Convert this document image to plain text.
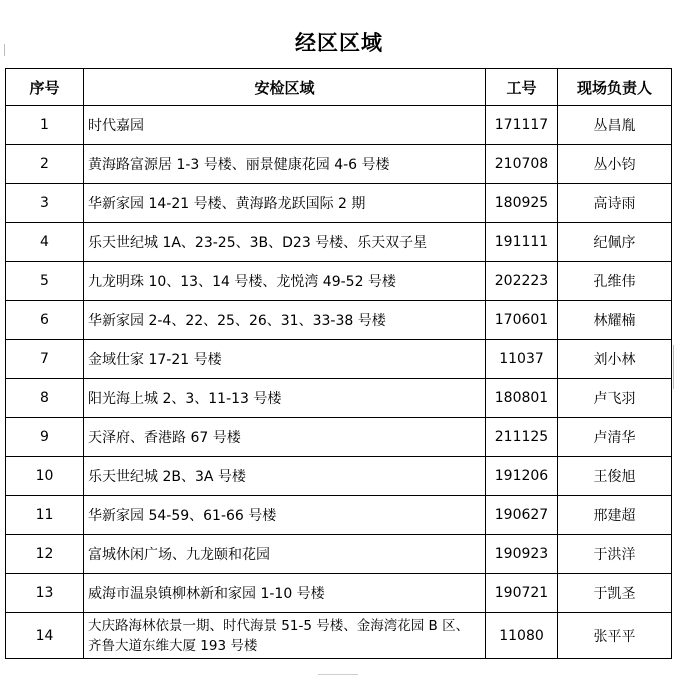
经区区域
序号	安检区域	工号	现场负责人
1	时代嘉园	171117	丛昌胤
2	黄海路富源居 1-3 号楼、丽景健康花园 4-6 号楼	210708	丛小钧
3	华新家园 14-21 号楼、黄海路龙跃国际 2 期	180925	高诗雨
4	乐天世纪城 1A、23-25、3B、D23 号楼、乐天双子星	191111	纪佩序
5	九龙明珠 10、13、14 号楼、龙悦湾 49-52 号楼	202223	孔维伟
6	华新家园 2-4、22、25、26、31、33-38 号楼	170601	林耀楠
7	金域仕家 17-21 号楼	11037	刘小林
8	阳光海上城 2、3、11-13 号楼	180801	卢飞羽
9	天泽府、香港路 67 号楼	211125	卢清华
10	乐天世纪城 2B、3A 号楼	191206	王俊旭
11	华新家园 54-59、61-66 号楼	190627	邢建超
12	富城休闲广场、九龙颐和花园	190923	于洪洋
13	威海市温泉镇柳林新和家园 1-10 号楼	190721	于凯圣
14	大庆路海林依景一期、时代海景 51-5 号楼、金海湾花园 B 区、齐鲁大道东维大厦 193 号楼	11080	张平平
